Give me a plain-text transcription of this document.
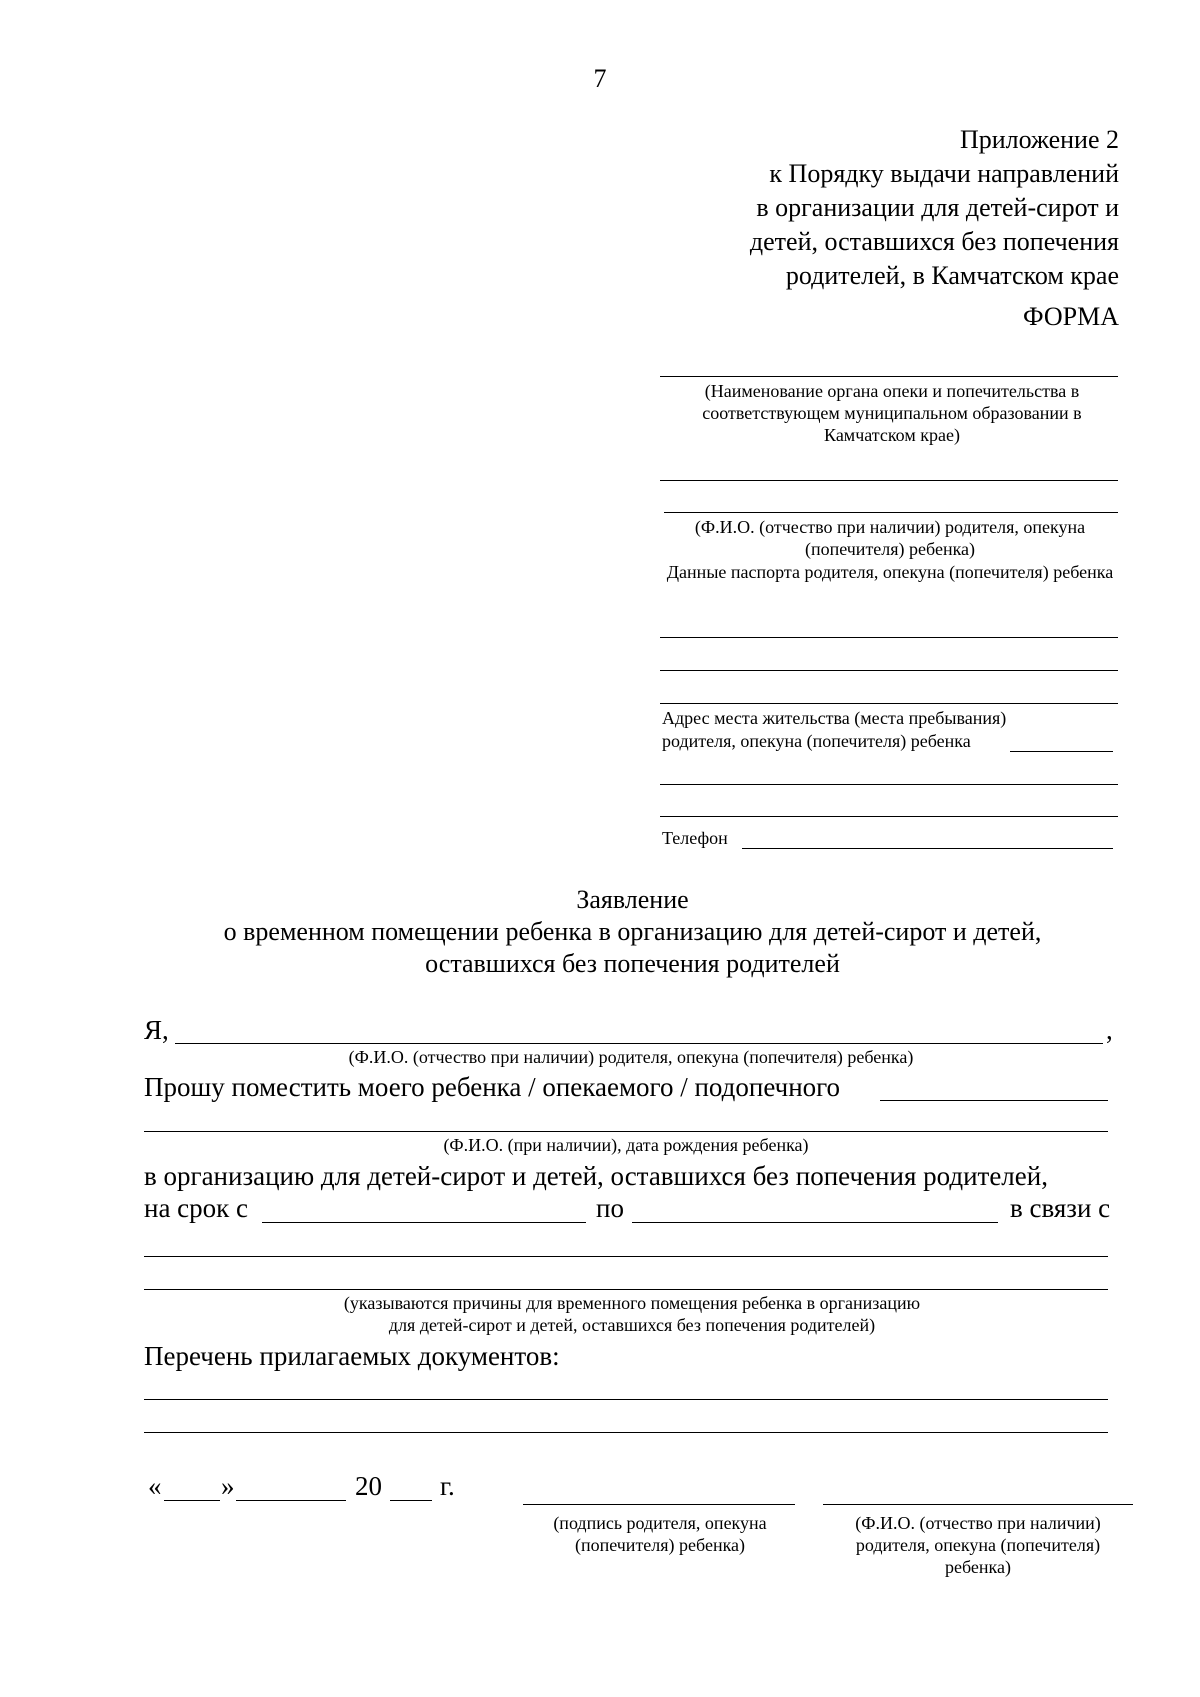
7
Приложение 2
к Порядку выдачи направлений
в организации для детей-сирот и
детей, оставшихся без попечения
родителей, в Камчатском крае
ФОРМА
(Наименование органа опеки и попечительства в соответствующем муниципальном образовании в Камчатском крае)
(Ф.И.О. (отчество при наличии) родителя, опекуна (попечителя) ребенка)
Данные паспорта родителя, опекуна (попечителя) ребенка
Адрес места жительства (места пребывания)
родителя, опекуна (попечителя) ребенка
Телефон
Заявление
о временном помещении ребенка в организацию для детей-сирот и детей,
оставшихся без попечения родителей
Я,	,
(Ф.И.О. (отчество при наличии) родителя, опекуна (попечителя) ребенка)
Прошу поместить моего ребенка / опекаемого / подопечного
(Ф.И.О. (при наличии), дата рождения ребенка)
в организацию для детей-сирот и детей, оставшихся без попечения родителей,
на срок с	по	в связи с
(указываются причины для временного помещения ребенка в организацию
для детей-сирот и детей, оставшихся без попечения родителей)
Перечень прилагаемых документов:
« »	20 г.
(подпись родителя, опекуна (попечителя) ребенка)
(Ф.И.О. (отчество при наличии) родителя, опекуна (попечителя) ребенка)
